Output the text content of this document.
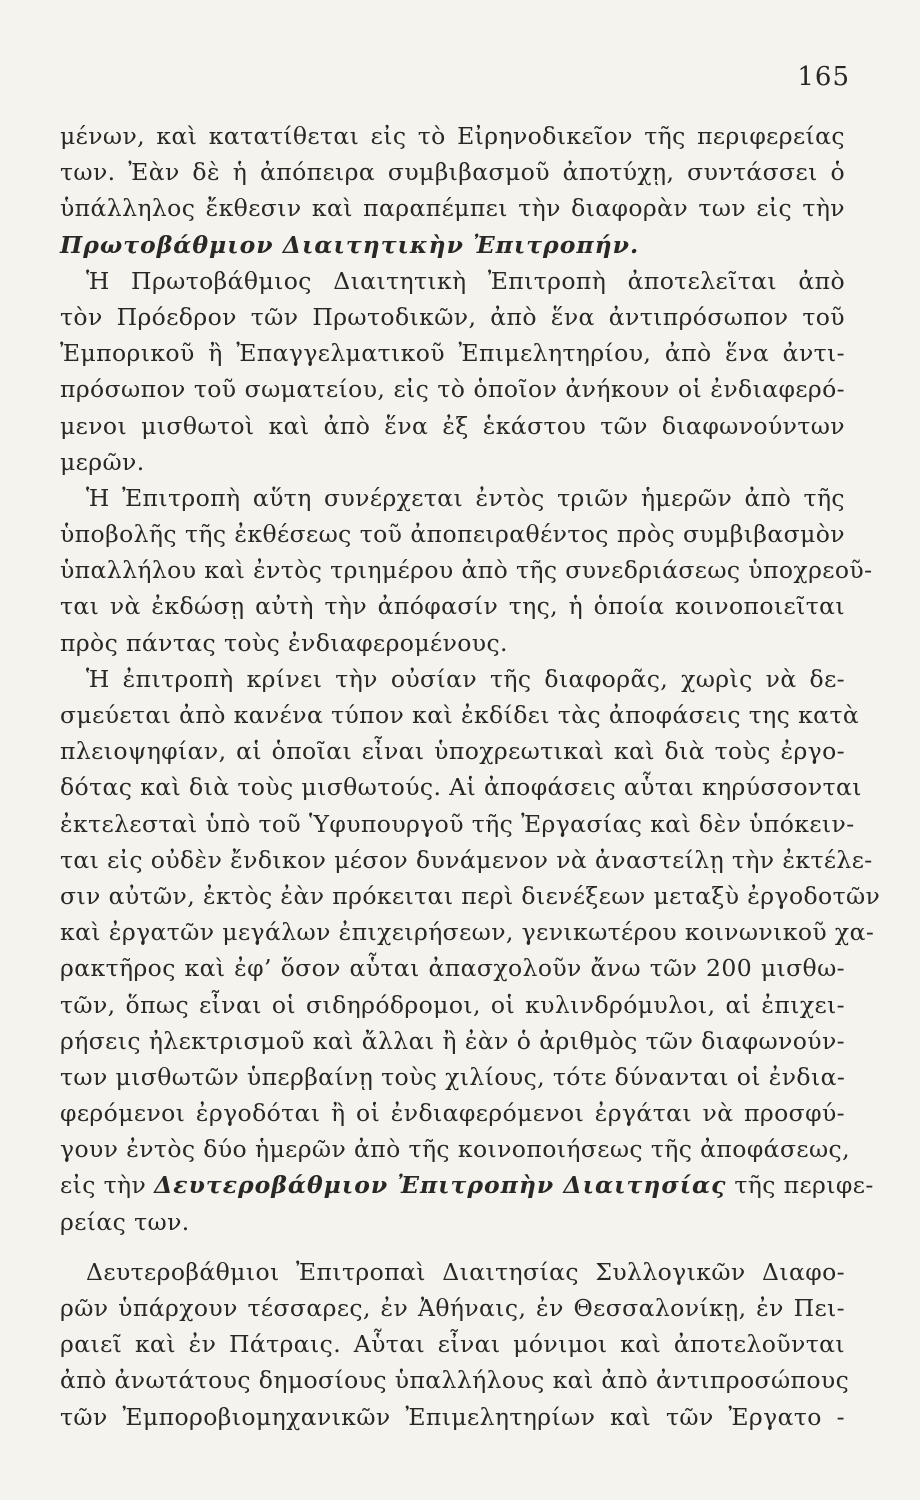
165
μένων, καὶ κατατίθεται εἰς τὸ Εἰρηνοδικεῖον τῆς περιφερείας
των. Ἐὰν δὲ ἡ ἀπόπειρα συμβιβασμοῦ ἀποτύχῃ, συντάσσει ὁ
ὑπάλληλος ἔκθεσιν καὶ παραπέμπει τὴν διαφορὰν των εἰς τὴν
Πρωτοβάθμιον Διαιτητικὴν Ἐπιτροπήν.
Ἡ Πρωτοβάθμιος Διαιτητικὴ Ἐπιτροπὴ ἀποτελεῖται ἀπὸ
τὸν Πρόεδρον τῶν Πρωτοδικῶν, ἀπὸ ἕνα ἀντιπρόσωπον τοῦ
Ἐμπορικοῦ ἢ Ἐπαγγελματικοῦ Ἐπιμελητηρίου, ἀπὸ ἕνα ἀντι-
πρόσωπον τοῦ σωματείου, εἰς τὸ ὁποῖον ἀνήκουν οἱ ἐνδιαφερό-
μενοι μισθωτοὶ καὶ ἀπὸ ἕνα ἐξ ἑκάστου τῶν διαφωνούντων
μερῶν.
Ἡ Ἐπιτροπὴ αὕτη συνέρχεται ἐντὸς τριῶν ἡμερῶν ἀπὸ τῆς
ὑποβολῆς τῆς ἐκθέσεως τοῦ ἀποπειραθέντος πρὸς συμβιβασμὸν
ὑπαλλήλου καὶ ἐντὸς τριημέρου ἀπὸ τῆς συνεδριάσεως ὑποχρεοῦ-
ται νὰ ἐκδώσῃ αὐτὴ τὴν ἀπόφασίν της, ἡ ὁποία κοινοποιεῖται
πρὸς πάντας τοὺς ἐνδιαφερομένους.
Ἡ ἐπιτροπὴ κρίνει τὴν οὐσίαν τῆς διαφορᾶς, χωρὶς νὰ δε-
σμεύεται ἀπὸ κανένα τύπον καὶ ἐκδίδει τὰς ἀποφάσεις της κατὰ
πλειοψηφίαν, αἱ ὁποῖαι εἶναι ὑποχρεωτικαὶ καὶ διὰ τοὺς ἐργο-
δότας καὶ διὰ τοὺς μισθωτούς. Αἱ ἀποφάσεις αὗται κηρύσσονται
ἐκτελεσταὶ ὑπὸ τοῦ Ὑφυπουργοῦ τῆς Ἐργασίας καὶ δὲν ὑπόκειν-
ται εἰς οὐδὲν ἔνδικον μέσον δυνάμενον νὰ ἀναστείλῃ τὴν ἐκτέλε-
σιν αὐτῶν, ἐκτὸς ἐὰν πρόκειται περὶ διενέξεων μεταξὺ ἐργοδοτῶν
καὶ ἐργατῶν μεγάλων ἐπιχειρήσεων, γενικωτέρου κοινωνικοῦ χα-
ρακτῆρος καὶ ἐφ’ ὅσον αὗται ἀπασχολοῦν ἄνω τῶν 200 μισθω-
τῶν, ὅπως εἶναι οἱ σιδηρόδρομοι, οἱ κυλινδρόμυλοι, αἱ ἐπιχει-
ρήσεις ἠλεκτρισμοῦ καὶ ἄλλαι ἢ ἐὰν ὁ ἀριθμὸς τῶν διαφωνούν-
των μισθωτῶν ὑπερβαίνῃ τοὺς χιλίους, τότε δύνανται οἱ ἐνδια-
φερόμενοι ἐργοδόται ἢ οἱ ἐνδιαφερόμενοι ἐργάται νὰ προσφύ-
γουν ἐντὸς δύο ἡμερῶν ἀπὸ τῆς κοινοποιήσεως τῆς ἀποφάσεως,
εἰς τὴν Δευτεροβάθμιον Ἐπιτροπὴν Διαιτησίας τῆς περιφε-
ρείας των.
Δευτεροβάθμιοι Ἐπιτροπαὶ Διαιτησίας Συλλογικῶν Διαφο-
ρῶν ὑπάρχουν τέσσαρες, ἐν Ἀθήναις, ἐν Θεσσαλονίκῃ, ἐν Πει-
ραιεῖ καὶ ἐν Πάτραις. Αὗται εἶναι μόνιμοι καὶ ἀποτελοῦνται
ἀπὸ ἀνωτάτους δημοσίους ὑπαλλήλους καὶ ἀπὸ ἀντιπροσώπους
τῶν Ἐμποροβιομηχανικῶν Ἐπιμελητηρίων καὶ τῶν Ἐργατο -
